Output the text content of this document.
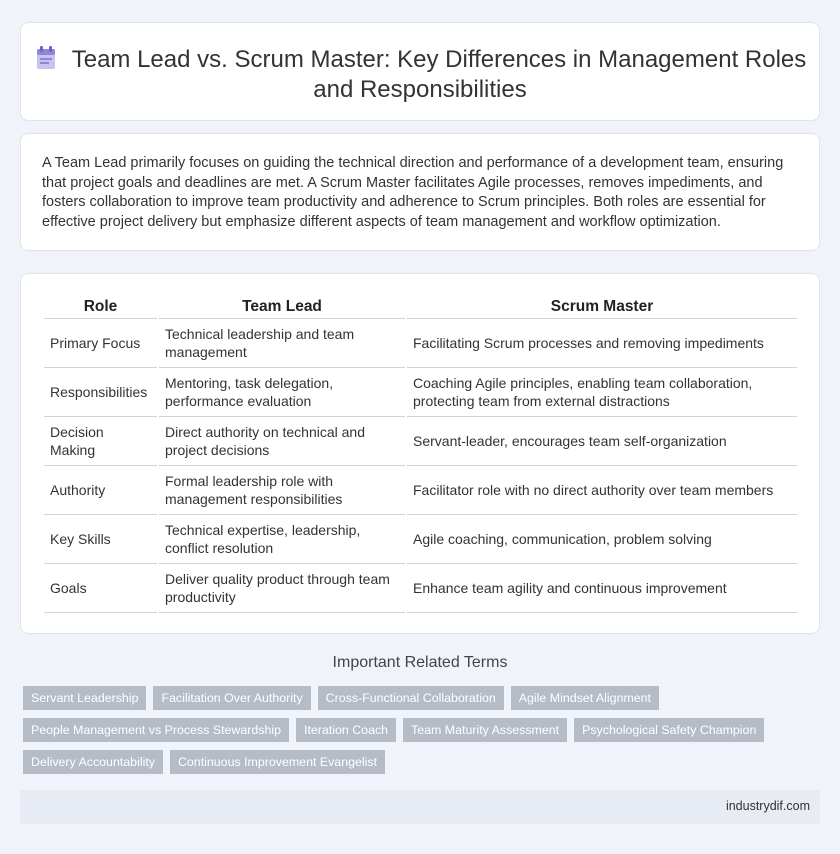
Team Lead vs. Scrum Master: Key Differences in Management Roles and Responsibilities

A Team Lead primarily focuses on guiding the technical direction and performance of a development team, ensuring that project goals and deadlines are met. A Scrum Master facilitates Agile processes, removes impediments, and fosters collaboration to improve team productivity and adherence to Scrum principles. Both roles are essential for effective project delivery but emphasize different aspects of team management and workflow optimization.

Role	Team Lead	Scrum Master
Primary Focus	Technical leadership and team management	Facilitating Scrum processes and removing impediments
Responsibilities	Mentoring, task delegation, performance evaluation	Coaching Agile principles, enabling team collaboration, protecting team from external distractions
Decision Making	Direct authority on technical and project decisions	Servant-leader, encourages team self-organization
Authority	Formal leadership role with management responsibilities	Facilitator role with no direct authority over team members
Key Skills	Technical expertise, leadership, conflict resolution	Agile coaching, communication, problem solving
Goals	Deliver quality product through team productivity	Enhance team agility and continuous improvement
Important Related Terms
Servant Leadership	Facilitation Over Authority	Cross-Functional Collaboration	Agile Mindset Alignment
People Management vs Process Stewardship	Iteration Coach	Team Maturity Assessment	Psychological Safety Champion
Delivery Accountability	Continuous Improvement Evangelist
industrydif.com
